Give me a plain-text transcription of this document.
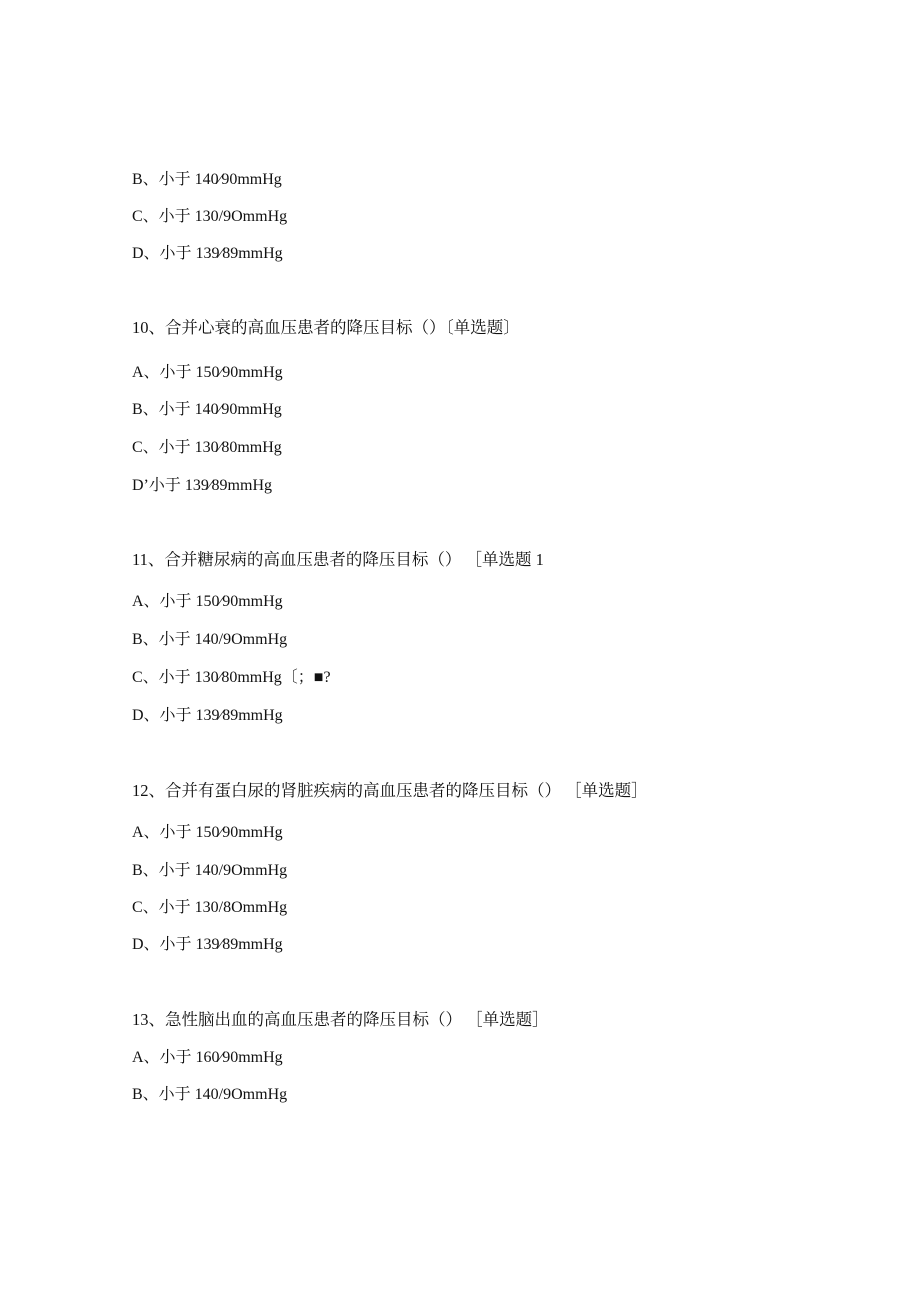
B、小于 140⁄90mmHg

C、小于 130/9OmmHg

D、小于 139⁄89mmHg

10、合并心衰的高血压患者的降压目标（）〔单选题〕

A、小于 150⁄90mmHg

B、小于 140⁄90mmHg

C、小于 130⁄80mmHg

D’小于 139⁄89mmHg

11、合并糖尿病的高血压患者的降压目标（） ［单选题 1

A、小于 150⁄90mmHg

B、小于 140/9OmmHg

C、小于 130⁄80mmHg〔；■?

D、小于 139⁄89mmHg

12、合并有蛋白尿的肾脏疾病的高血压患者的降压目标（） ［单选题］

A、小于 150⁄90mmHg

B、小于 140/9OmmHg

C、小于 130/8OmmHg

D、小于 139⁄89mmHg

13、急性脑出血的高血压患者的降压目标（） ［单选题］

A、小于 160⁄90mmHg

B、小于 140/9OmmHg
